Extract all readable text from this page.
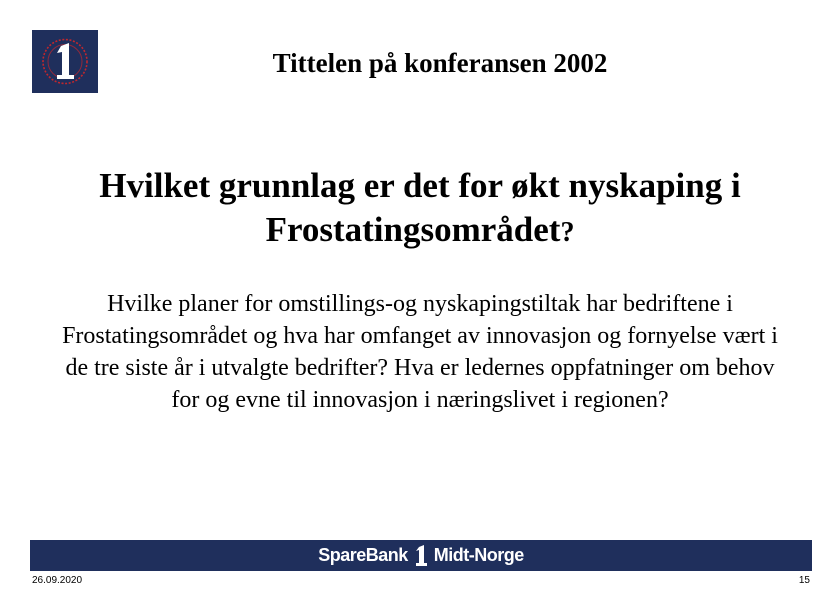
Tittelen på konferansen 2002
Hvilket grunnlag er det for økt nyskaping i
Frostatingsområdet?
Hvilke planer for omstillings-og nyskapingstiltak har bedriftene i
Frostatingsområdet og hva har omfanget av innovasjon og fornyelse vært i
de tre siste år i utvalgte bedrifter? Hva er ledernes oppfatninger om behov
for og evne til innovasjon i næringslivet i regionen?
SpareBank Midt-Norge
26.09.2020	15
